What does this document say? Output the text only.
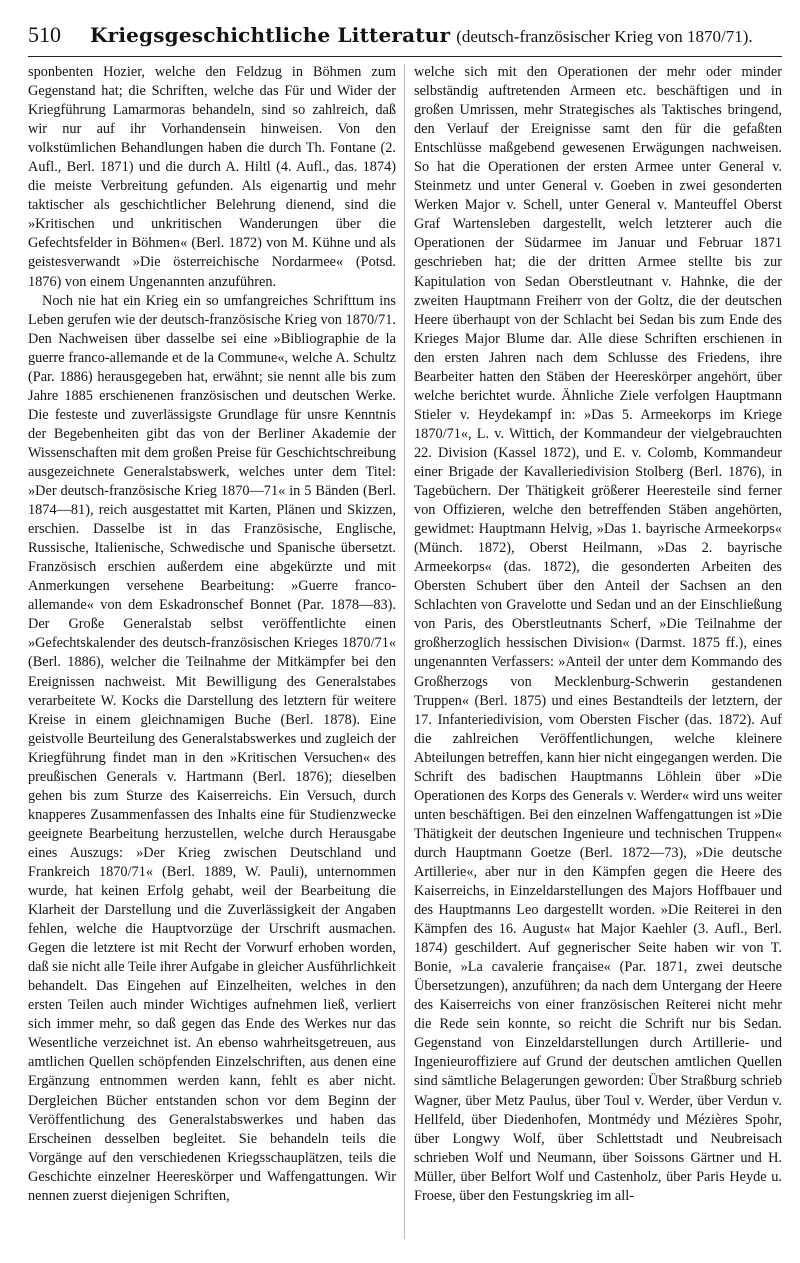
510	Kriegsgeschichtliche Litteratur (deutsch-französischer Krieg von 1870/71).

sponbenten Hozier, welche den Feldzug in Böhmen zum Gegenstand hat; die Schriften, welche das Für und Wider der Kriegführung Lamarmoras behandeln, sind so zahlreich, daß wir nur auf ihr Vorhandensein hinweisen. Von den volkstümlichen Behandlungen haben die durch Th. Fontane (2. Aufl., Berl. 1871) und die durch A. Hiltl (4. Aufl., das. 1874) die meiste Verbreitung gefunden. Als eigenartig und mehr taktischer als geschichtlicher Belehrung dienend, sind die »Kritischen und unkritischen Wanderungen über die Gefechtsfelder in Böhmen« (Berl. 1872) von M. Kühne und als geistesverwandt »Die österreichische Nordarmee« (Potsd. 1876) von einem Ungenannten anzuführen.

Noch nie hat ein Krieg ein so umfangreiches Schrifttum ins Leben gerufen wie der deutsch-französische Krieg von 1870/71. Den Nachweisen über dasselbe sei eine »Bibliographie de la guerre franco-allemande et de la Commune«, welche A. Schultz (Par. 1886) herausgegeben hat, erwähnt; sie nennt alle bis zum Jahre 1885 erschienenen französischen und deutschen Werke. Die festeste und zuverlässigste Grundlage für unsre Kenntnis der Begebenheiten gibt das von der Berliner Akademie der Wissenschaften mit dem großen Preise für Geschichtschreibung ausgezeichnete Generalstabswerk, welches unter dem Titel: »Der deutsch-französische Krieg 1870—71« in 5 Bänden (Berl. 1874—81), reich ausgestattet mit Karten, Plänen und Skizzen, erschien. Dasselbe ist in das Französische, Englische, Russische, Italienische, Schwedische und Spanische übersetzt. Französisch erschien außerdem eine abgekürzte und mit Anmerkungen versehene Bearbeitung: »Guerre franco-allemande« von dem Eskadronschef Bonnet (Par. 1878—83). Der Große Generalstab selbst veröffentlichte einen »Gefechtskalender des deutsch-französischen Krieges 1870/71« (Berl. 1886), welcher die Teilnahme der Mitkämpfer bei den Ereignissen nachweist. Mit Bewilligung des Generalstabes verarbeitete W. Kocks die Darstellung des letztern für weitere Kreise in einem gleichnamigen Buche (Berl. 1878). Eine geistvolle Beurteilung des Generalstabswerkes und zugleich der Kriegführung findet man in den »Kritischen Versuchen« des preußischen Generals v. Hartmann (Berl. 1876); dieselben gehen bis zum Sturze des Kaiserreichs. Ein Versuch, durch knapperes Zusammenfassen des Inhalts eine für Studienzwecke geeignete Bearbeitung herzustellen, welche durch Herausgabe eines Auszugs: »Der Krieg zwischen Deutschland und Frankreich 1870/71« (Berl. 1889, W. Pauli), unternommen wurde, hat keinen Erfolg gehabt, weil der Bearbeitung die Klarheit der Darstellung und die Zuverlässigkeit der Angaben fehlen, welche die Hauptvorzüge der Urschrift ausmachen. Gegen die letztere ist mit Recht der Vorwurf erhoben worden, daß sie nicht alle Teile ihrer Aufgabe in gleicher Ausführlichkeit behandelt. Das Eingehen auf Einzelheiten, welches in den ersten Teilen auch minder Wichtiges aufnehmen ließ, verliert sich immer mehr, so daß gegen das Ende des Werkes nur das Wesentliche verzeichnet ist. An ebenso wahrheitsgetreuen, aus amtlichen Quellen schöpfenden Einzelschriften, aus denen eine Ergänzung entnommen werden kann, fehlt es aber nicht. Dergleichen Bücher entstanden schon vor dem Beginn der Veröffentlichung des Generalstabswerkes und haben das Erscheinen desselben begleitet. Sie behandeln teils die Vorgänge auf den verschiedenen Kriegsschauplätzen, teils die Geschichte einzelner Heereskörper und Waffengattungen. Wir nennen zuerst diejenigen Schriften,

welche sich mit den Operationen der mehr oder minder selbständig auftretenden Armeen etc. beschäftigen und in großen Umrissen, mehr Strategisches als Taktisches bringend, den Verlauf der Ereignisse samt den für die gefaßten Entschlüsse maßgebend gewesenen Erwägungen nachweisen. So hat die Operationen der ersten Armee unter General v. Steinmetz und unter General v. Goeben in zwei gesonderten Werken Major v. Schell, unter General v. Manteuffel Oberst Graf Wartensleben dargestellt, welch letzterer auch die Operationen der Südarmee im Januar und Februar 1871 geschrieben hat; die der dritten Armee stellte bis zur Kapitulation von Sedan Oberstleutnant v. Hahnke, die der zweiten Hauptmann Freiherr von der Goltz, die der deutschen Heere überhaupt von der Schlacht bei Sedan bis zum Ende des Krieges Major Blume dar. Alle diese Schriften erschienen in den ersten Jahren nach dem Schlusse des Friedens, ihre Bearbeiter hatten den Stäben der Heereskörper angehört, über welche berichtet wurde. Ähnliche Ziele verfolgen Hauptmann Stieler v. Heydekampf in: »Das 5. Armeekorps im Kriege 1870/71«, L. v. Wittich, der Kommandeur der vielgebrauchten 22. Division (Kassel 1872), und E. v. Colomb, Kommandeur einer Brigade der Kavalleriedivision Stolberg (Berl. 1876), in Tagebüchern. Der Thätigkeit größerer Heeresteile sind ferner von Offizieren, welche den betreffenden Stäben angehörten, gewidmet: Hauptmann Helvig, »Das 1. bayrische Armeekorps« (Münch. 1872), Oberst Heilmann, »Das 2. bayrische Armeekorps« (das. 1872), die gesonderten Arbeiten des Obersten Schubert über den Anteil der Sachsen an den Schlachten von Gravelotte und Sedan und an der Einschließung von Paris, des Oberstleutnants Scherf, »Die Teilnahme der großherzoglich hessischen Division« (Darmst. 1875 ff.), eines ungenannten Verfassers: »Anteil der unter dem Kommando des Großherzogs von Mecklenburg-Schwerin gestandenen Truppen« (Berl. 1875) und eines Bestandteils der letztern, der 17. Infanteriedivision, vom Obersten Fischer (das. 1872). Auf die zahlreichen Veröffentlichungen, welche kleinere Abteilungen betreffen, kann hier nicht eingegangen werden. Die Schrift des badischen Hauptmanns Löhlein über »Die Operationen des Korps des Generals v. Werder« wird uns weiter unten beschäftigen. Bei den einzelnen Waffengattungen ist »Die Thätigkeit der deutschen Ingenieure und technischen Truppen« durch Hauptmann Goetze (Berl. 1872—73), »Die deutsche Artillerie«, aber nur in den Kämpfen gegen die Heere des Kaiserreichs, in Einzeldarstellungen des Majors Hoffbauer und des Hauptmanns Leo dargestellt worden. »Die Reiterei in den Kämpfen des 16. August« hat Major Kaehler (3. Aufl., Berl. 1874) geschildert. Auf gegnerischer Seite haben wir von T. Bonie, »La cavalerie française« (Par. 1871, zwei deutsche Übersetzungen), anzuführen; da nach dem Untergang der Heere des Kaiserreichs von einer französischen Reiterei nicht mehr die Rede sein konnte, so reicht die Schrift nur bis Sedan. Gegenstand von Einzeldarstellungen durch Artillerie- und Ingenieuroffiziere auf Grund der deutschen amtlichen Quellen sind sämtliche Belagerungen geworden: Über Straßburg schrieb Wagner, über Metz Paulus, über Toul v. Werder, über Verdun v. Hellfeld, über Diedenhofen, Montmédy und Mézières Spohr, über Longwy Wolf, über Schlettstadt und Neubreisach schrieben Wolf und Neumann, über Soissons Gärtner und H. Müller, über Belfort Wolf und Castenholz, über Paris Heyde u. Froese, über den Festungskrieg im all-
